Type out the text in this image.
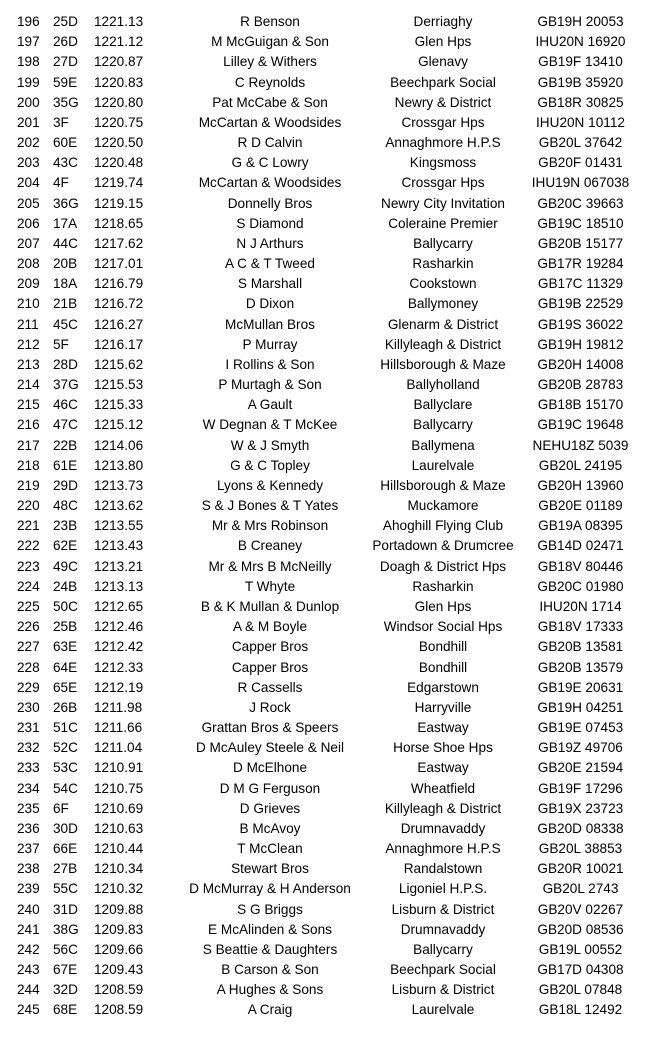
196 25D 1221.13	R Benson	Derriaghy	GB19H 20053
197 26D 1221.12	M McGuigan & Son	Glen Hps	IHU20N 16920
198 27D 1220.87	Lilley & Withers	Glenavy	GB19F 13410
199 59E 1220.83	C Reynolds	Beechpark Social	GB19B 35920
200 35G 1220.80	Pat McCabe & Son	Newry & District	GB18R 30825
201 3F	1220.75	McCartan & Woodsides	Crossgar Hps	IHU20N 10112
202 60E 1220.50	R D Calvin	Annaghmore H.P.S	GB20L 37642
203 43C 1220.48	G & C Lowry	Kingsmoss	GB20F 01431
204 4F	1219.74	McCartan & Woodsides	Crossgar Hps	IHU19N 067038
205 36G 1219.15	Donnelly Bros	Newry City Invitation	GB20C 39663
206 17A 1218.65	S Diamond	Coleraine Premier	GB19C 18510
207 44C 1217.62	N J Arthurs	Ballycarry	GB20B 15177
208 20B 1217.01	A C & T Tweed	Rasharkin	GB17R 19284
209 18A 1216.79	S Marshall	Cookstown	GB17C 11329
210 21B 1216.72	D Dixon	Ballymoney	GB19B 22529
211	45C 1216.27	McMullan Bros	Glenarm & District	GB19S 36022
212 5F	1216.17	P Murray	Killyleagh & District	GB19H 19812
213 28D 1215.62	I Rollins & Son	Hillsborough & Maze	GB20H 14008
214 37G 1215.53	P Murtagh & Son	Ballyholland	GB20B 28783
215 46C 1215.33	A Gault	Ballyclare	GB18B 15170
216 47C 1215.12	W Degnan & T McKee	Ballycarry	GB19C 19648
217 22B 1214.06	W & J Smyth	Ballymena	NEHU18Z 5039
218 61E 1213.80	G & C Topley	Laurelvale	GB20L 24195
219 29D 1213.73	Lyons & Kennedy	Hillsborough & Maze	GB20H 13960
220 48C 1213.62	S & J Bones & T Yates	Muckamore	GB20E 01189
221 23B 1213.55	Mr & Mrs Robinson	Ahoghill Flying Club	GB19A 08395
222 62E 1213.43	B Creaney	Portadown & Drumcree	GB14D 02471
223 49C 1213.21	Mr & Mrs B McNeilly	Doagh & District Hps	GB18V 80446
224 24B 1213.13	T Whyte	Rasharkin	GB20C 01980
225 50C 1212.65	B & K Mullan & Dunlop	Glen Hps	IHU20N 1714
226 25B 1212.46	A & M Boyle	Windsor Social Hps	GB18V 17333
227 63E 1212.42	Capper Bros	Bondhill	GB20B 13581
228 64E 1212.33	Capper Bros	Bondhill	GB20B 13579
229 65E 1212.19	R Cassells	Edgarstown	GB19E 20631
230 26B 1211.98	J Rock	Harryville	GB19H 04251
231 51C 1211.66	Grattan Bros & Speers	Eastway	GB19E 07453
232 52C 1211.04	D McAuley Steele & Neil	Horse Shoe Hps	GB19Z 49706
233 53C 1210.91	D McElhone	Eastway	GB20E 21594
234 54C 1210.75	D M G Ferguson	Wheatfield	GB19F 17296
235 6F	1210.69	D Grieves	Killyleagh & District	GB19X 23723
236 30D 1210.63	B McAvoy	Drumnavaddy	GB20D 08338
237 66E 1210.44	T McClean	Annaghmore H.P.S	GB20L 38853
238 27B 1210.34	Stewart Bros	Randalstown	GB20R 10021
239 55C 1210.32	D McMurray & H Anderson	Ligoniel H.P.S.	GB20L 2743
240 31D 1209.88	S G Briggs	Lisburn & District	GB20V 02267
241 38G 1209.83	E McAlinden & Sons	Drumnavaddy	GB20D 08536
242 56C 1209.66	S Beattie & Daughters	Ballycarry	GB19L 00552
243 67E 1209.43	B Carson & Son	Beechpark Social	GB17D 04308
244 32D 1208.59	A Hughes & Sons	Lisburn & District	GB20L 07848
245 68E 1208.59	A Craig	Laurelvale	GB18L 12492
